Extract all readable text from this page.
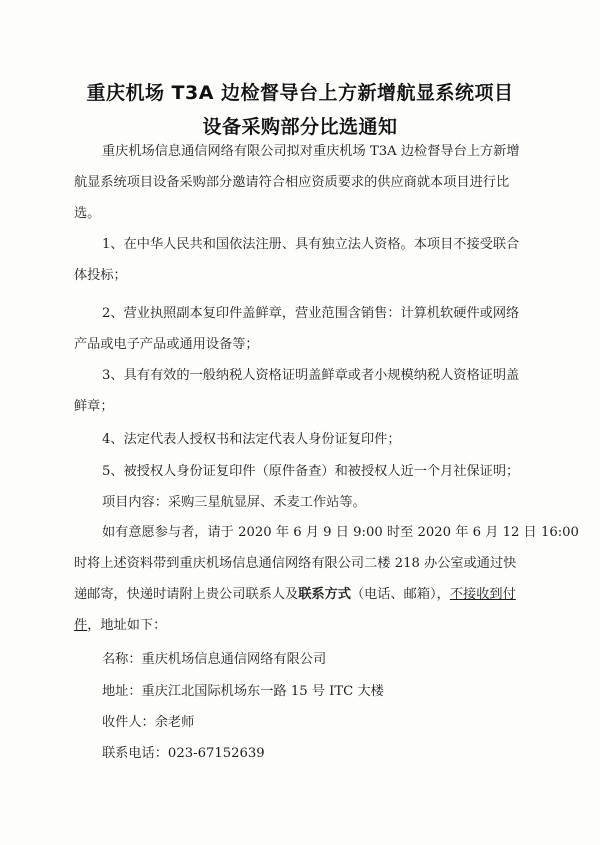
重庆机场 T3A 边检督导台上方新增航显系统项目
设备采购部分比选通知
重庆机场信息通信网络有限公司拟对重庆机场 T3A 边检督导台上方新增
航显系统项目设备采购部分邀请符合相应资质要求的供应商就本项目进行比
选。
1、在中华人民共和国依法注册、具有独立法人资格。本项目不接受联合
体投标；
2、营业执照副本复印件盖鲜章，营业范围含销售：计算机软硬件或网络
产品或电子产品或通用设备等；
3、具有有效的一般纳税人资格证明盖鲜章或者小规模纳税人资格证明盖
鲜章；
4、法定代表人授权书和法定代表人身份证复印件；
5、被授权人身份证复印件（原件备查）和被授权人近一个月社保证明；
项目内容：采购三星航显屏、禾麦工作站等。
如有意愿参与者，请于 2020 年 6 月 9 日 9:00 时至 2020 年 6 月 12 日 16:00
时将上述资料带到重庆机场信息通信网络有限公司二楼 218 办公室或通过快
递邮寄，快递时请附上贵公司联系人及联系方式（电话、邮箱），不接收到付
件，地址如下：
名称：重庆机场信息通信网络有限公司
地址：重庆江北国际机场东一路 15 号 ITC 大楼
收件人：余老师
联系电话：023-67152639
